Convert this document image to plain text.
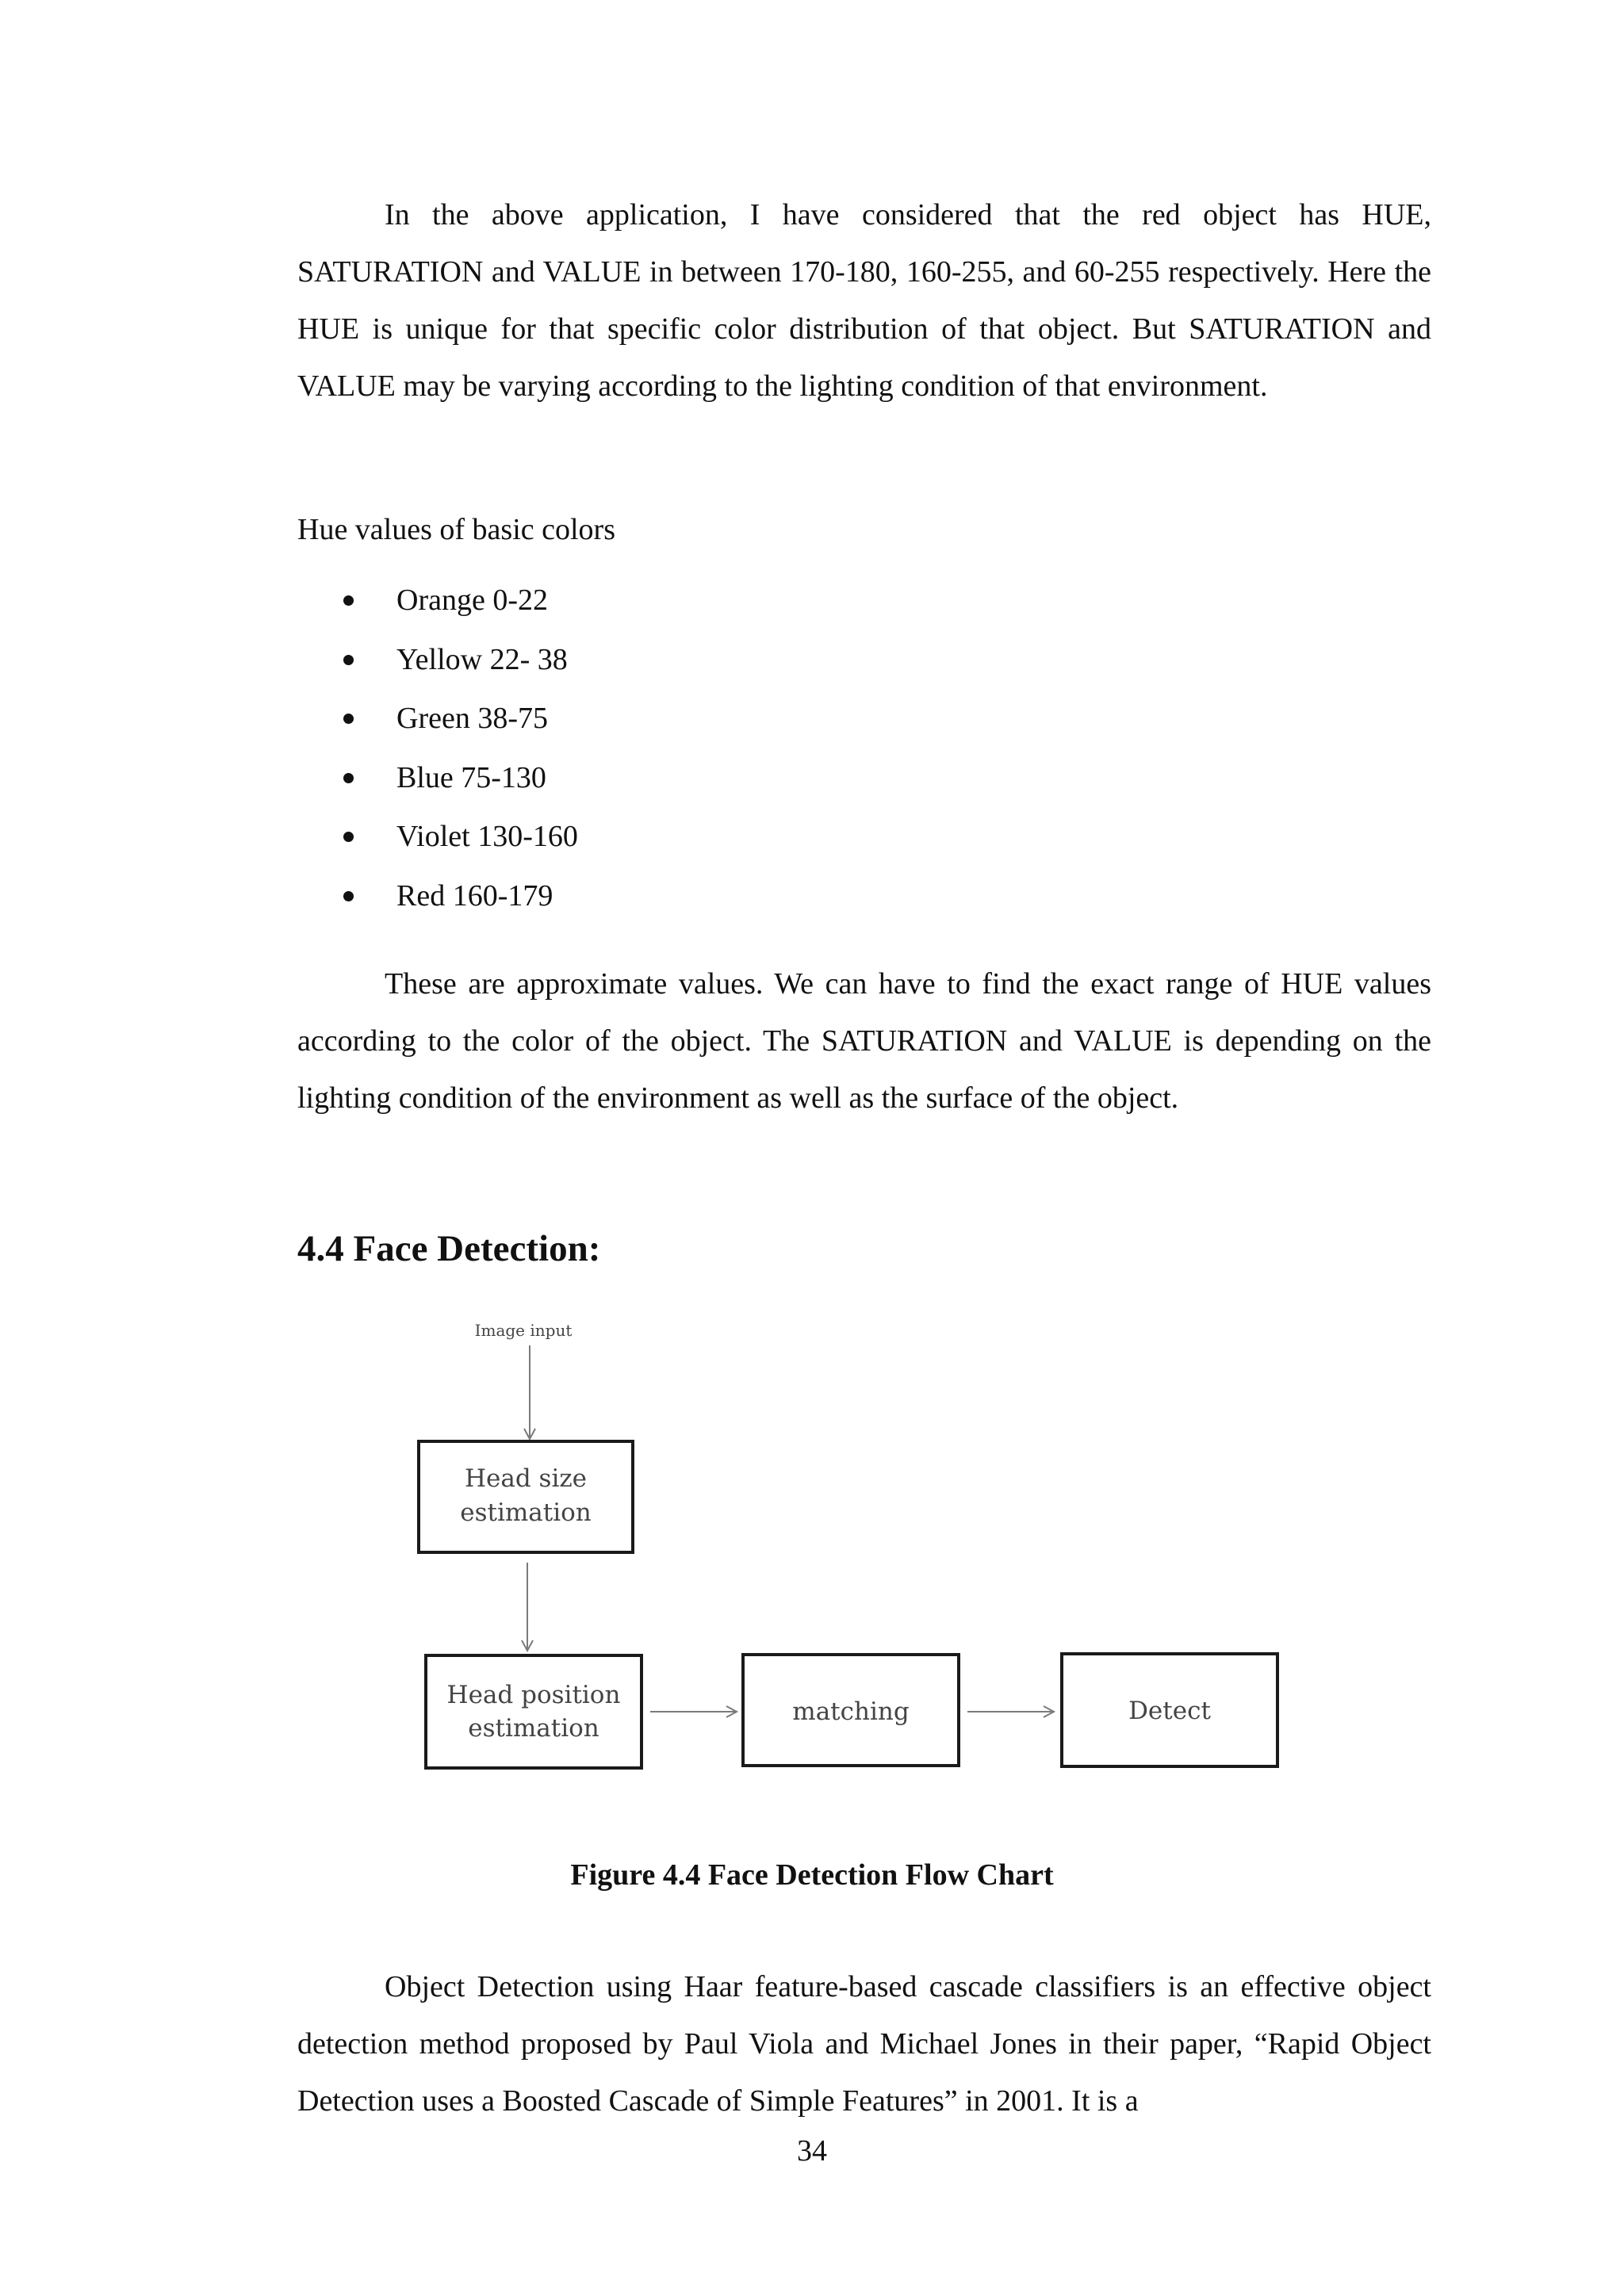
In the above application, I have considered that the red object has HUE, SATURATION and VALUE in between 170-180, 160-255, and 60-255 respectively. Here the HUE is unique for that specific color distribution of that object. But SATURATION and VALUE may be varying according to the lighting condition of that environment.

Hue values of basic colors

Orange 0-22
Yellow 22- 38
Green 38-75
Blue 75-130
Violet 130-160
Red 160-179

These are approximate values. We can have to find the exact range of HUE values according to the color of the object. The SATURATION and VALUE is depending on the lighting condition of the environment as well as the surface of the object.

4.4 Face Detection:
Image input
Head size
estimation
Head position
estimation
matching	Detect

Figure 4.4 Face Detection Flow Chart

Object Detection using Haar feature-based cascade classifiers is an effective object detection method proposed by Paul Viola and Michael Jones in their paper, “Rapid Object Detection uses a Boosted Cascade of Simple Features” in 2001. It is a

34
